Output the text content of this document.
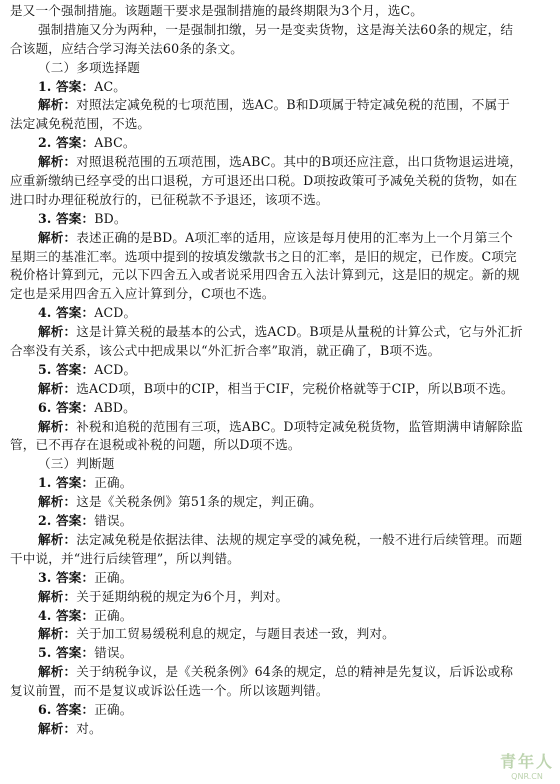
是又一个强制措施。该题题干要求是强制措施的最终期限为3个月，选C。

强制措施又分为两种，一是强制扣缴，另一是变卖货物，这是海关法60条的规定，结

合该题，应结合学习海关法60条的条文。

（二）多项选择题

1. 答案：AC。

解析：对照法定减免税的七项范围，选AC。B和D项属于特定减免税的范围，不属于

法定减免税范围，不选。

2. 答案：ABC。

解析：对照退税范围的五项范围，选ABC。其中的B项还应注意，出口货物退运进境，

应重新缴纳已经享受的出口退税，方可退还出口税。D项按政策可予减免关税的货物，如在

进口时办理征税放行的，已征税款不予退还，该项不选。

3. 答案：BD。

解析：表述正确的是BD。A项汇率的适用，应该是每月使用的汇率为上一个月第三个

星期三的基准汇率。选项中提到的按填发缴款书之日的汇率，是旧的规定，已作废。C项完

税价格计算到元，元以下四舍五入或者说采用四舍五入法计算到元，这是旧的规定。新的规

定也是采用四舍五入应计算到分，C项也不选。

4. 答案：ACD。

解析：这是计算关税的最基本的公式，选ACD。B项是从量税的计算公式，它与外汇折

合率没有关系，该公式中把成果以“外汇折合率”取消，就正确了，B项不选。

5. 答案：ACD。

解析：选ACD项，B项中的CIP，相当于CIF，完税价格就等于CIP，所以B项不选。

6. 答案：ABD。

解析：补税和追税的范围有三项，选ABC。D项特定减免税货物，监管期满申请解除监

管，已不再存在退税或补税的问题，所以D项不选。

（三）判断题

1. 答案：正确。

解析：这是《关税条例》第51条的规定，判正确。

2. 答案：错误。

解析：法定减免税是依据法律、法规的规定享受的减免税，一般不进行后续管理。而题

干中说，并“进行后续管理”，所以判错。

3. 答案：正确。

解析：关于延期纳税的规定为6个月，判对。

4. 答案：正确。

解析：关于加工贸易缓税利息的规定，与题目表述一致，判对。

5. 答案：错误。

解析：关于纳税争议，是《关税条例》64条的规定，总的精神是先复议，后诉讼或称

复议前置，而不是复议或诉讼任选一个。所以该题判错。

6. 答案：正确。

解析：对。

青年人
QNR.CN
